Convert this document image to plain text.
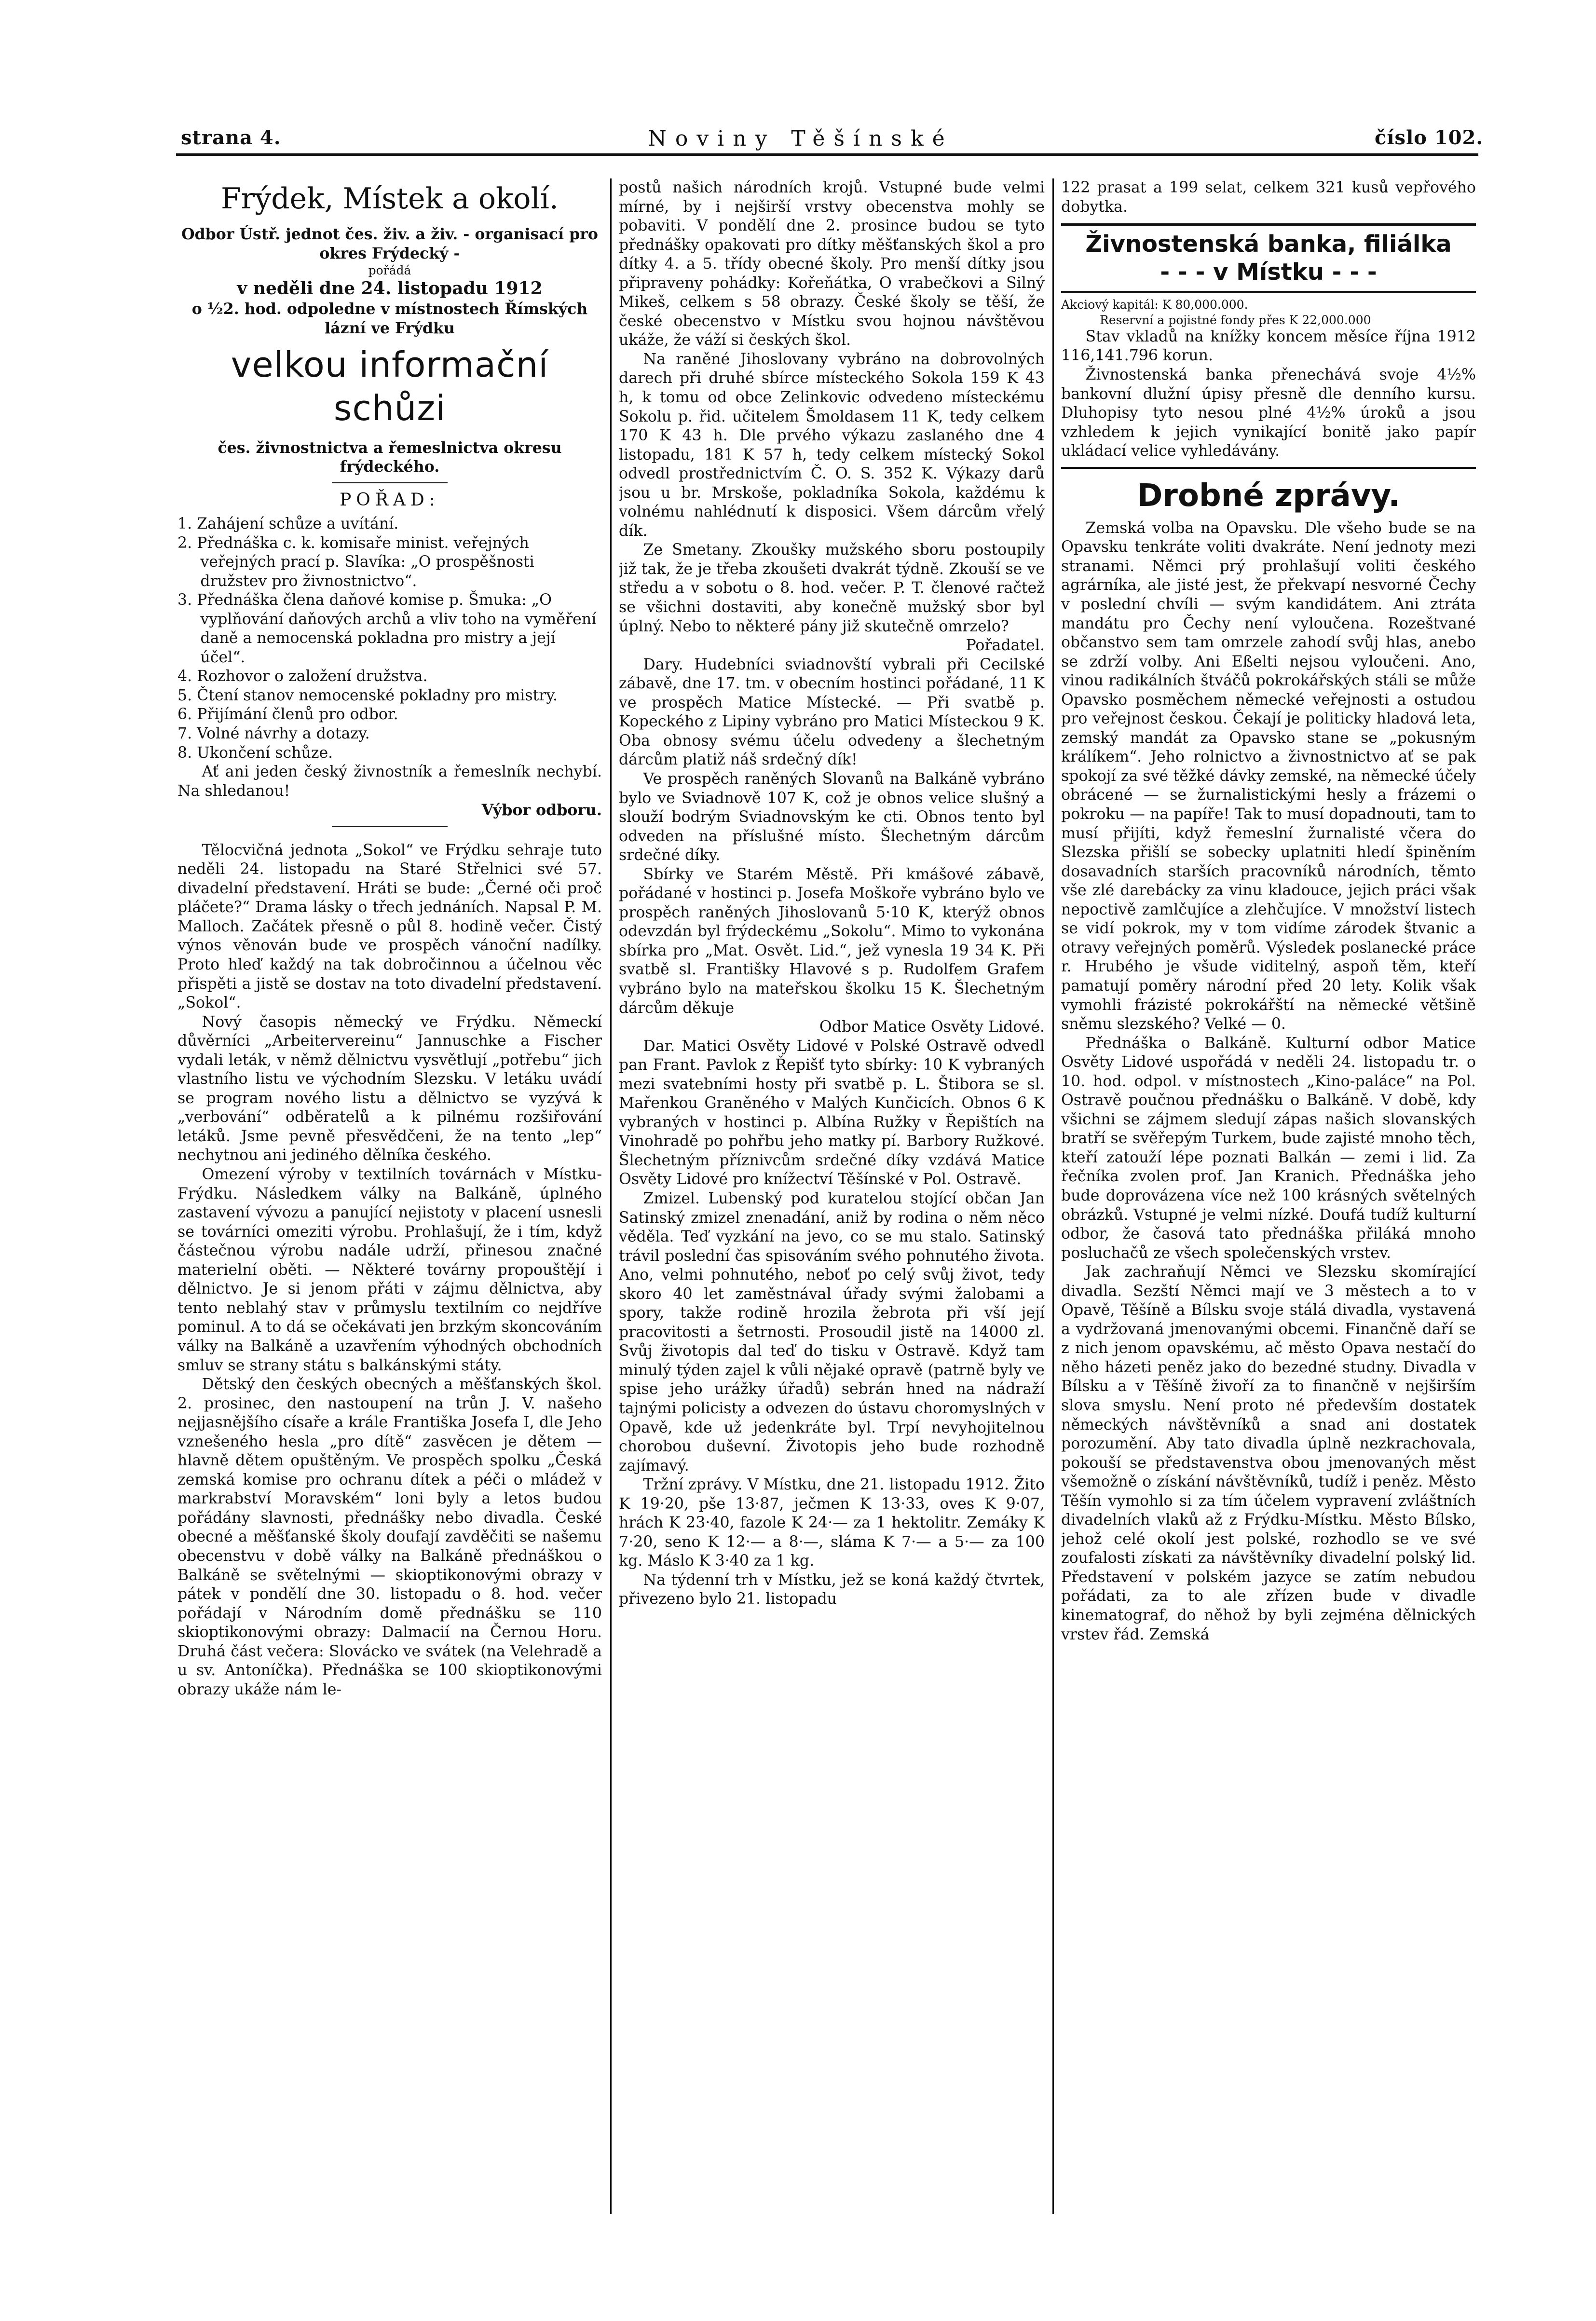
strana 4.	Noviny Těšínské	číslo 102.
Frýdek, Místek a okolí.

Odbor Ústř. jednot čes. živ. a živ. - organisací pro okres Frýdecký -

pořádá

v neděli dne 24. listopadu 1912

o ½2. hod. odpoledne v místnostech Římských lázní ve Frýdku

velkou informační schůzi

čes. živnostnictva a řemeslnictva okresu frýdeckého.

POŘAD:

1. Zahájení schůze a uvítání.
2. Přednáška c. k. komisaře minist. veřejných veřejných prací p. Slavíka: „O prospěšnosti družstev pro živnostnictvo“.
3. Přednáška člena daňové komise p. Šmuka: „O vyplňování daňových archů a vliv toho na vyměření daně a nemocenská pokladna pro mistry a její účel“.
4. Rozhovor o založení družstva.
5. Čtení stanov nemocenské pokladny pro mistry.
6. Přijímání členů pro odbor.
7. Volné návrhy a dotazy.
8. Ukončení schůze.

Ať ani jeden český živnostník a řemeslník nechybí. Na shledanou!

Výbor odboru.

Tělocvičná jednota „Sokol“ ve Frýdku sehraje tuto neděli 24. listopadu na Staré Střelnici své 57. divadelní představení. Hráti se bude: „Černé oči proč pláčete?“ Drama lásky o třech jednáních. Napsal P. M. Malloch. Začátek přesně o půl 8. hodině večer. Čistý výnos věnován bude ve prospěch vánoční nadílky. Proto hleď každý na tak dobročinnou a účelnou věc přispěti a jistě se dostav na toto divadelní představení. „Sokol“.

Nový časopis německý ve Frýdku. Německí důvěrníci „Arbeitervereinu“ Jannuschke a Fischer vydali leták, v němž dělnictvu vysvětlují „potřebu“ jich vlastního listu ve východním Slezsku. V letáku uvádí se program nového listu a dělnictvo se vyzývá k „verbování“ odběratelů a k pilnému rozšiřování letáků. Jsme pevně přesvědčeni, že na tento „lep“ nechytnou ani jediného dělníka českého.

Omezení výroby v textilních továrnách v Místku-Frýdku. Následkem války na Balkáně, úplného zastavení vývozu a panující nejistoty v placení usnesli se továrníci omeziti výrobu. Prohlašují, že i tím, když částečnou výrobu nadále udrží, přinesou značné materielní oběti. — Některé továrny propouštějí i dělnictvo. Je si jenom přáti v zájmu dělnictva, aby tento neblahý stav v průmyslu textilním co nejdříve pominul. A to dá se očekávati jen brzkým skoncováním války na Balkáně a uzavřením výhodných obchodních smluv se strany státu s balkánskými státy.

Dětský den českých obecných a měšťanských škol. 2. prosinec, den nastoupení na trůn J. V. našeho nejjasnějšího císaře a krále Františka Josefa I, dle Jeho vznešeného hesla „pro dítě“ zasvěcen je dětem — hlavně dětem opuštěným. Ve prospěch spolku „Česká zemská komise pro ochranu dítek a péči o mládež v markrabství Moravském“ loni byly a letos budou pořádány slavnosti, přednášky nebo divadla. České obecné a měšťanské školy doufají zavděčiti se našemu obecenstvu v době války na Balkáně přednáškou o Balkáně se světelnými — skioptikonovými obrazy v pátek v pondělí dne 30. listopadu o 8. hod. večer pořádají v Národním domě přednášku se 110 skioptikonovými obrazy: Dalmacií na Černou Horu. Druhá část večera: Slovácko ve svátek (na Velehradě a u sv. Antoníčka). Přednáška se 100 skioptikonovými obrazy ukáže nám le-

postů našich národních krojů. Vstupné bude velmi mírné, by i nejširší vrstvy obecenstva mohly se pobaviti. V pondělí dne 2. prosince budou se tyto přednášky opakovati pro dítky měšťanských škol a pro dítky 4. a 5. třídy obecné školy. Pro menší dítky jsou připraveny pohádky: Kořeňátka, O vrabečkovi a Silný Mikeš, celkem s 58 obrazy. České školy se těší, že české obecenstvo v Místku svou hojnou návštěvou ukáže, že váží si českých škol.

Na raněné Jihoslovany vybráno na dobrovolných darech při druhé sbírce místeckého Sokola 159 K 43 h, k tomu od obce Zelinkovic odvedeno místeckému Sokolu p. řid. učitelem Šmoldasem 11 K, tedy celkem 170 K 43 h. Dle prvého výkazu zaslaného dne 4 listopadu, 181 K 57 h, tedy celkem místecký Sokol odvedl prostřednictvím Č. O. S. 352 K. Výkazy darů jsou u br. Mrskoše, pokladníka Sokola, každému k volnému nahlédnutí k disposici. Všem dárcům vřelý dík.

Ze Smetany. Zkoušky mužského sboru postoupily již tak, že je třeba zkoušeti dvakrát týdně. Zkouší se ve středu a v sobotu o 8. hod. večer. P. T. členové račtež se všichni dostaviti, aby konečně mužský sbor byl úplný. Nebo to některé pány již skutečně omrzelo?

Pořadatel.

Dary. Hudebníci sviadnovští vybrali při Cecilské zábavě, dne 17. tm. v obecním hostinci pořádané, 11 K ve prospěch Matice Místecké. — Při svatbě p. Kopeckého z Lipiny vybráno pro Matici Místeckou 9 K. Oba obnosy svému účelu odvedeny a šlechetným dárcům platiž náš srdečný dík!

Ve prospěch raněných Slovanů na Balkáně vybráno bylo ve Sviadnově 107 K, což je obnos velice slušný a slouží bodrým Sviadnovským ke cti. Obnos tento byl odveden na příslušné místo. Šlechetným dárcům srdečné díky.

Sbírky ve Starém Městě. Při kmášové zábavě, pořádané v hostinci p. Josefa Moškoře vybráno bylo ve prospěch raněných Jihoslovanů 5·10 K, kterýž obnos odevzdán byl frýdeckému „Sokolu“. Mimo to vykonána sbírka pro „Mat. Osvět. Lid.“, jež vynesla 19 34 K. Při svatbě sl. Františky Hlavové s p. Rudolfem Grafem vybráno bylo na mateřskou školku 15 K. Šlechetným dárcům děkuje

Odbor Matice Osvěty Lidové.

Dar. Matici Osvěty Lidové v Polské Ostravě odvedl pan Frant. Pavlok z Řepišť tyto sbírky: 10 K vybraných mezi svatebními hosty při svatbě p. L. Štibora se sl. Mařenkou Graněného v Malých Kunčicích. Obnos 6 K vybraných v hostinci p. Albína Ružky v Řepištích na Vinohradě po pohřbu jeho matky pí. Barbory Ružkové. Šlechetným příznivcům srdečné díky vzdává Matice Osvěty Lidové pro knížectví Těšínské v Pol. Ostravě.

Zmizel. Lubenský pod kuratelou stojící občan Jan Satinský zmizel znenadání, aniž by rodina o něm něco věděla. Teď vyzkání na jevo, co se mu stalo. Satinský trávil poslední čas spisováním svého pohnutého života. Ano, velmi pohnutého, neboť po celý svůj život, tedy skoro 40 let zaměstnával úřady svými žalobami a spory, takže rodině hrozila žebrota při vší její pracovitosti a šetrnosti. Prosoudil jistě na 14000 zl. Svůj životopis dal teď do tisku v Ostravě. Když tam minulý týden zajel k vůli nějaké opravě (patrně byly ve spise jeho urážky úřadů) sebrán hned na nádraží tajnými policisty a odvezen do ústavu choromyslných v Opavě, kde už jedenkráte byl. Trpí nevyhojitelnou chorobou duševní. Životopis jeho bude rozhodně zajímavý.

Tržní zprávy. V Místku, dne 21. listopadu 1912. Žito K 19·20, pše 13·87, ječmen K 13·33, oves K 9·07, hrách K 23·40, fazole K 24·— za 1 hektolitr. Zemáky K 7·20, seno K 12·— a 8·—, sláma K 7·— a 5·— za 100 kg. Máslo K 3·40 za 1 kg.

Na týdenní trh v Místku, jež se koná každý čtvrtek, přivezeno bylo 21. listopadu

122 prasat a 199 selat, celkem 321 kusů vepřového dobytka.

Živnostenská banka, filiálka
- - - v Místku - - -

Akciový kapitál: K 80,000.000.

Reservní a pojistné fondy přes K 22,000.000

Stav vkladů na knížky koncem měsíce října 1912 116,141.796 korun.

Živnostenská banka přenechává svoje 4½% bankovní dlužní úpisy přesně dle denního kursu. Dluhopisy tyto nesou plné 4½% úroků a jsou vzhledem k jejich vynikající bonitě jako papír ukládací velice vyhledávány.

Drobné zprávy.

Zemská volba na Opavsku. Dle všeho bude se na Opavsku tenkráte voliti dvakráte. Není jednoty mezi stranami. Němci prý prohlašují voliti českého agrárníka, ale jisté jest, že překvapí nesvorné Čechy v poslední chvíli — svým kandidátem. Ani ztráta mandátu pro Čechy není vyloučena. Rozeštvané občanstvo sem tam omrzele zahodí svůj hlas, anebo se zdrží volby. Ani Eßelti nejsou vyloučeni. Ano, vinou radikálních štváčů pokrokářských stáli se může Opavsko posměchem německé veřejnosti a ostudou pro veřejnost českou. Čekají je politicky hladová leta, zemský mandát za Opavsko stane se „pokusným králíkem“. Jeho rolnictvo a živnostnictvo ať se pak spokojí za své těžké dávky zemské, na německé účely obrácené — se žurnalistickými hesly a frázemi o pokroku — na papíře! Tak to musí dopadnouti, tam to musí přijíti, když řemeslní žurnalisté včera do Slezska přišlí se sobecky uplatniti hledí špiněním dosavadních starších pracovníků národních, těmto vše zlé darebácky za vinu kladouce, jejich práci však nepoctivě zamlčujíce a zlehčujíce. V množství listech se vidí pokrok, my v tom vidíme zárodek štvanic a otravy veřejných poměrů. Výsledek poslanecké práce r. Hrubého je všude viditelný, aspoň těm, kteří pamatují poměry národní před 20 lety. Kolik však vymohli frázisté pokrokářští na německé většině sněmu slezského? Velké — 0.

Přednáška o Balkáně. Kulturní odbor Matice Osvěty Lidové uspořádá v neděli 24. listopadu tr. o 10. hod. odpol. v místnostech „Kino-paláce“ na Pol. Ostravě poučnou přednášku o Balkáně. V době, kdy všichni se zájmem sledují zápas našich slovanských bratří se svěřepým Turkem, bude zajisté mnoho těch, kteří zatouží lépe poznati Balkán — zemi i lid. Za řečníka zvolen prof. Jan Kranich. Přednáška jeho bude doprovázena více než 100 krásných světelných obrázků. Vstupné je velmi nízké. Doufá tudíž kulturní odbor, že časová tato přednáška přiláká mnoho posluchačů ze všech společenských vrstev.

Jak zachraňují Němci ve Slezsku skomírající divadla. Sezští Němci mají ve 3 městech a to v Opavě, Těšíně a Bílsku svoje stálá divadla, vystavená a vydržovaná jmenovanými obcemi. Finančně daří se z nich jenom opavskému, ač město Opava nestačí do něho házeti peněz jako do bezedné studny. Divadla v Bílsku a v Těšíně živoří za to finančně v nejširším slova smyslu. Není proto né především dostatek německých návštěvníků a snad ani dostatek porozumění. Aby tato divadla úplně nezkrachovala, pokouší se představenstva obou jmenovaných měst všemožně o získání návštěvníků, tudíž i peněz. Město Těšín vymohlo si za tím účelem vypravení zvláštních divadelních vlaků až z Frýdku-Místku. Město Bílsko, jehož celé okolí jest polské, rozhodlo se ve své zoufalosti získati za návštěvníky divadelní polský lid. Představení v polském jazyce se zatím nebudou pořádati, za to ale zřízen bude v divadle kinematograf, do něhož by byli zejména dělnických vrstev řád. Zemská
